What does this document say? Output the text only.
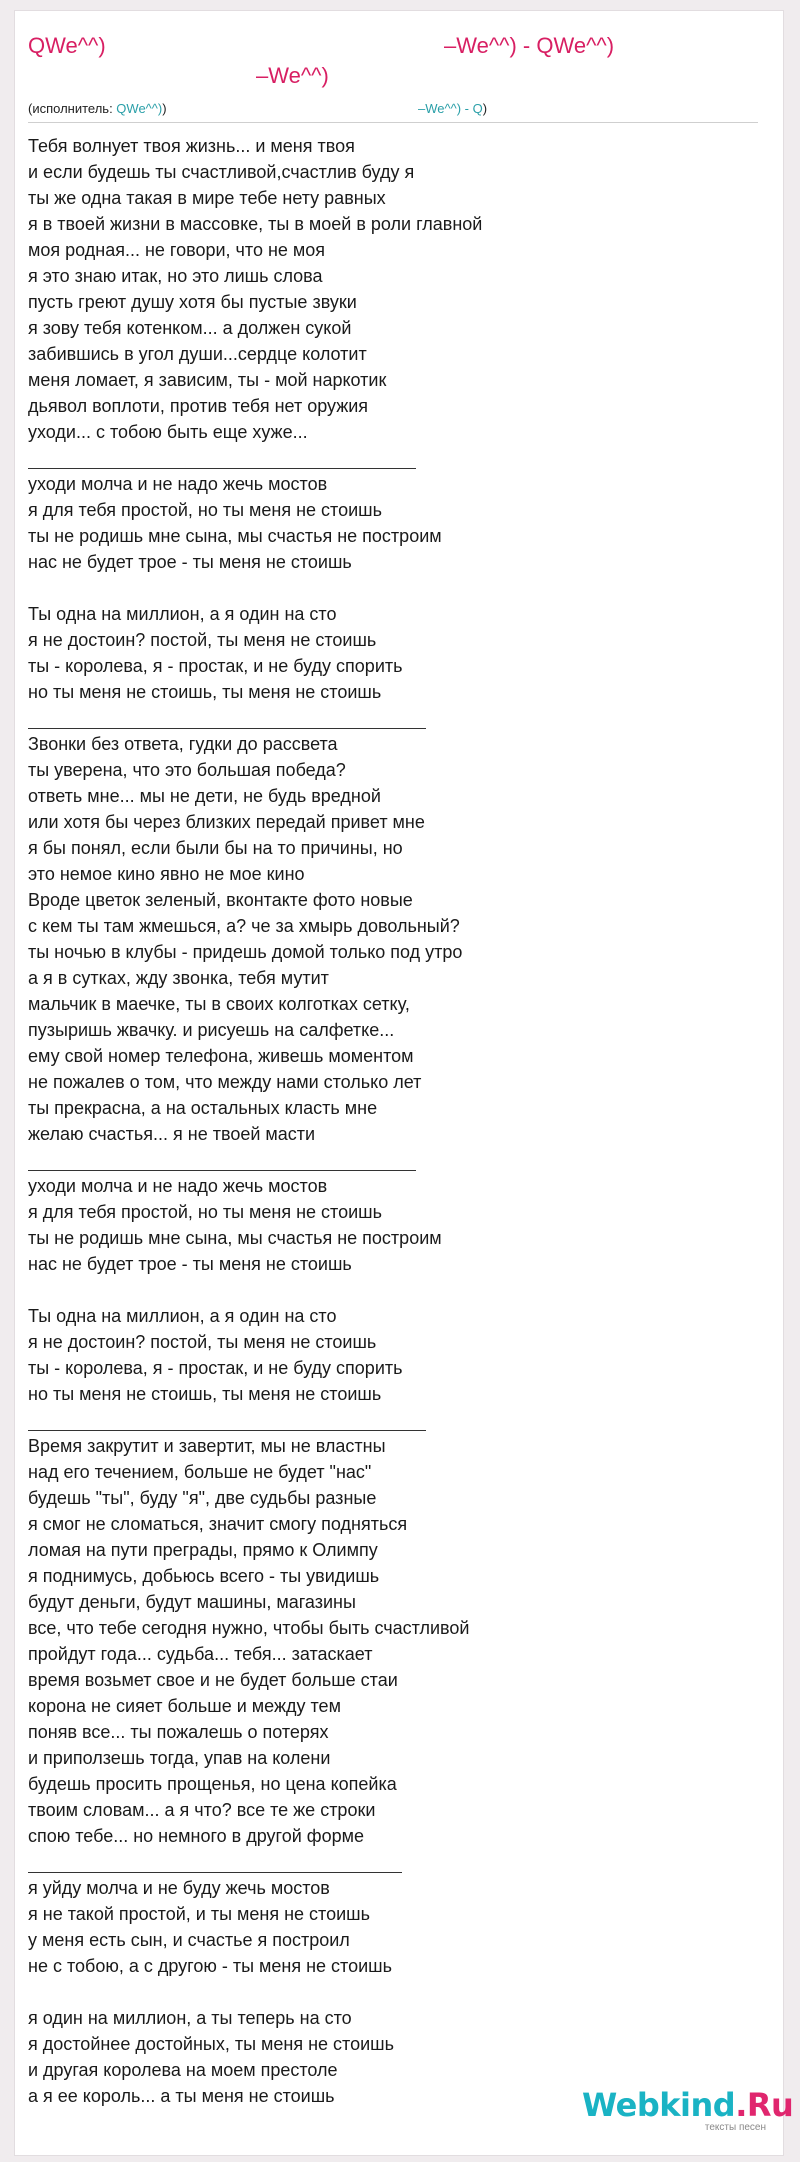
QWe^^)	–We^^) - QWe^^)
–We^^)
(исполнитель: QWe^^))	–We^^) - Q)
Тебя волнует твоя жизнь... и меня твоя
и если будешь ты счастливой,счастлив буду я
ты же одна такая в мире тебе нету равных
я в твоей жизни в массовке, ты в моей в роли главной
моя родная... не говори, что не моя
я это знаю итак, но это лишь слова
пусть греют душу хотя бы пустые звуки
я зову тебя котенком... а должен сукой
забившись в угол души...сердце колотит
меня ломает, я зависим, ты - мой наркотик
дьявол воплоти, против тебя нет оружия
уходи... с тобою быть еще хуже...
уходи молча и не надо жечь мостов
я для тебя простой, но ты меня не стоишь
ты не родишь мне сына, мы счастья не построим
нас не будет трое - ты меня не стоишь
Ты одна на миллион, а я один на сто
я не достоин? постой, ты меня не стоишь
ты - королева, я - простак, и не буду спорить
но ты меня не стоишь, ты меня не стоишь
Звонки без ответа, гудки до рассвета
ты уверена, что это большая победа?
ответь мне... мы не дети, не будь вредной
или хотя бы через близких передай привет мне
я бы понял, если были бы на то причины, но
это немое кино явно не мое кино
Вроде цветок зеленый, вконтакте фото новые
с кем ты там жмешься, а? че за хмырь довольный?
ты ночью в клубы - придешь домой только под утро
а я в сутках, жду звонка, тебя мутит
мальчик в маечке, ты в своих колготках сетку,
пузыришь жвачку. и рисуешь на салфетке...
ему свой номер телефона, живешь моментом
не пожалев о том, что между нами столько лет
ты прекрасна, а на остальных класть мне
желаю счастья... я не твоей масти
уходи молча и не надо жечь мостов
я для тебя простой, но ты меня не стоишь
ты не родишь мне сына, мы счастья не построим
нас не будет трое - ты меня не стоишь
Ты одна на миллион, а я один на сто
я не достоин? постой, ты меня не стоишь
ты - королева, я - простак, и не буду спорить
но ты меня не стоишь, ты меня не стоишь
Время закрутит и завертит, мы не властны
над его течением, больше не будет "нас"
будешь "ты", буду "я", две судьбы разные
я смог не сломаться, значит смогу подняться
ломая на пути преграды, прямо к Олимпу
я поднимусь, добьюсь всего - ты увидишь
будут деньги, будут машины, магазины
все, что тебе сегодня нужно, чтобы быть счастливой
пройдут года... судьба... тебя... затаскает
время возьмет свое и не будет больше стаи
корона не сияет больше и между тем
поняв все... ты пожалешь о потерях
и приползешь тогда, упав на колени
будешь просить прощенья, но цена копейка
твоим словам... а я что? все те же строки
спою тебе... но немного в другой форме
я уйду молча и не буду жечь мостов
я не такой простой, и ты меня не стоишь
у меня есть сын, и счастье я построил
не с тобою, а с другою - ты меня не стоишь
я один на миллион, а ты теперь на сто
я достойнее достойных, ты меня не стоишь
и другая королева на моем престоле
а я ее король... а ты меня не стоишь	Webkind.Ru
тексты песен
